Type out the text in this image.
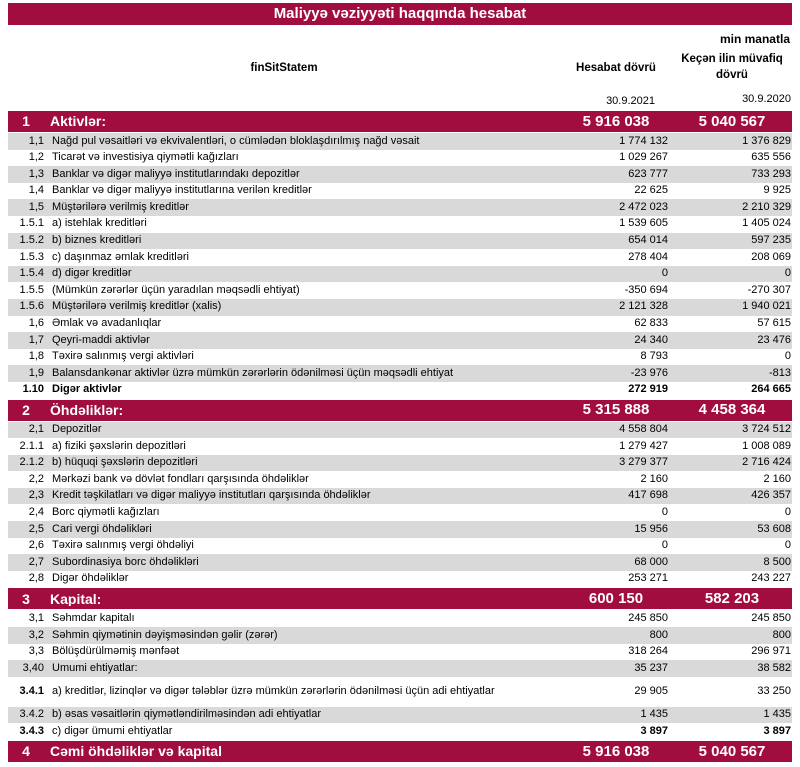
Maliyyə vəziyyəti haqqında hesabat
min manatla
finSitStatem	Hesabat dövrü
Keçən ilin müvafiq dövrü
30.9.2021	30.9.2020
1	Aktivlər:	5 916 038	5 040 567
1,1 Nağd pul vəsaitləri və ekvivalentləri, o cümlədən bloklaşdırılmış nağd vəsait	1 774 132	1 376 829
1,2 Ticarət və investisiya qiymətli kağızları	1 029 267	635 556
1,3 Banklar və digər maliyyə institutlarındakı depozitlər	623 777	733 293
1,4 Banklar və digər maliyyə institutlarına verilən kreditlər	22 625	9 925
1,5 Müştərilərə verilmiş kreditlər	2 472 023	2 210 329
1.5.1 a) istehlak kreditləri	1 539 605	1 405 024
1.5.2 b) biznes kreditləri	654 014	597 235
1.5.3 c) daşınmaz əmlak kreditləri	278 404	208 069
1.5.4 d) digər kreditlər	0	0
1.5.5 (Mümkün zərərlər üçün yaradılan məqsədli ehtiyat)	-350 694	-270 307
1.5.6 Müştərilərə verilmiş kreditlər (xalis)	2 121 328	1 940 021
1,6 Əmlak və avadanlıqlar	62 833	57 615
1,7 Qeyri-maddi aktivlər	24 340	23 476
1,8 Təxirə salınmış vergi aktivləri	8 793	0
1,9 Balansdankənar aktivlər üzrə mümkün zərərlərin ödənilməsi üçün məqsədli ehtiyat	-23 976	-813
1.10 Digər aktivlər	272 919	264 665
2	Öhdəliklər:	5 315 888	4 458 364
2,1 Depozitlər	4 558 804	3 724 512
2.1.1 a) fiziki şəxslərin depozitləri	1 279 427	1 008 089
2.1.2 b) hüquqi şəxslərin depozitləri	3 279 377	2 716 424
2,2 Mərkəzi bank və dövlət fondları qarşısında öhdəliklər	2 160	2 160
2,3 Kredit təşkilatları və digər maliyyə institutları qarşısında öhdəliklər	417 698	426 357
2,4 Borc qiymətli kağızları	0	0
2,5 Cari vergi öhdəlikləri	15 956	53 608
2,6 Təxirə salınmış vergi öhdəliyi	0	0
2,7 Subordinasiya borc öhdəlikləri	68 000	8 500
2,8 Digər öhdəliklər	253 271	243 227
3	Kapital:	600 150	582 203
3,1 Səhmdar kapitalı	245 850	245 850
3,2 Səhmin qiymətinin dəyişməsindən gəlir (zərər)	800	800
3,3 Bölüşdürülməmiş mənfəət	318 264	296 971
3,40 Ümumi ehtiyatlar:	35 237	38 582
3.4.1 a) kreditlər, lizinqlər və digər tələblər üzrə mümkün zərərlərin ödənilməsi üçün adi ehtiyatlar	29 905	33 250
3.4.2 b) əsas vəsaitlərin qiymətləndirilməsindən adi ehtiyatlar	1 435	1 435
3.4.3 c) digər ümumi ehtiyatlar	3 897	3 897
4	Cəmi öhdəliklər və kapital	5 916 038	5 040 567
